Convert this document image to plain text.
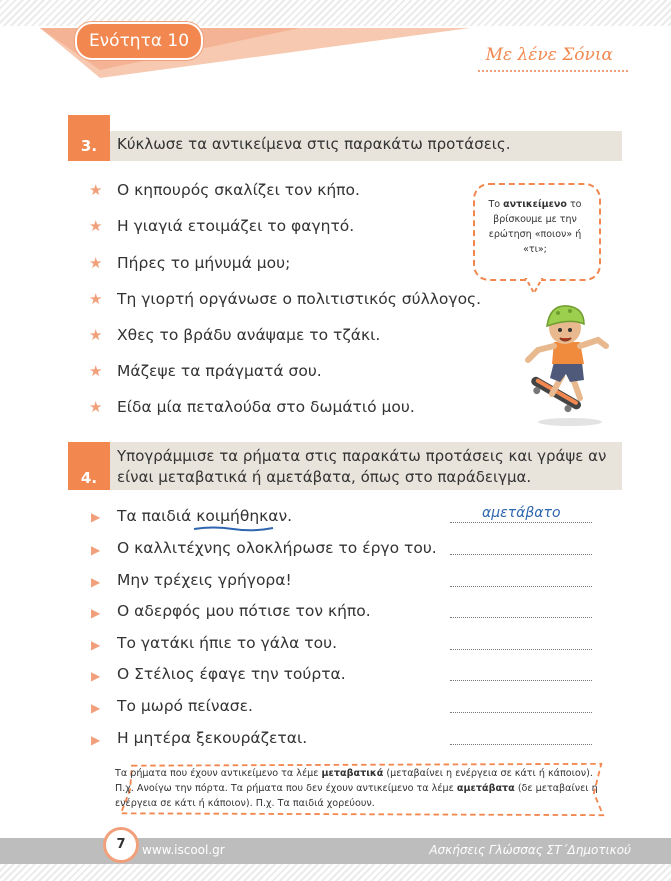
Ενότητα 10
Με λένε Σόνια
3.	Κύκλωσε τα αντικείμενα στις παρακάτω προτάσεις.
★ Ο κηπουρός σκαλίζει τον κήπο.
★ Η γιαγιά ετοιμάζει το φαγητό.
★ Πήρες το μήνυμά μου;
★ Τη γιορτή οργάνωσε ο πολιτιστικός σύλλογος.
★ Χθες το βράδυ ανάψαμε το τζάκι.
★ Μάζεψε τα πράγματά σου.
★ Είδα μία πεταλούδα στο δωμάτιό μου.
Το αντικείμενο το βρίσκουμε με την ερώτηση «ποιον» ή «τι»;
4.
Υπογράμμισε τα ρήματα στις παρακάτω προτάσεις και γράψε αν
είναι μεταβατικά ή αμετάβατα, όπως στο παράδειγμα.
▶ Τα παιδιά κοιμήθηκαν.	αμετάβατο
▶ Ο καλλιτέχνης ολοκλήρωσε το έργο του.
▶ Μην τρέχεις γρήγορα!
▶ Ο αδερφός μου πότισε τον κήπο.
▶ Το γατάκι ήπιε το γάλα του.
▶ Ο Στέλιος έφαγε την τούρτα.
▶ Το μωρό πείνασε.
▶ Η μητέρα ξεκουράζεται.
Τα ρήματα που έχουν αντικείμενο τα λέμε μεταβατικά (μεταβαίνει η ενέργεια σε κάτι ή κάποιον). Π.χ. Ανοίγω την πόρτα. Τα ρήματα που δεν έχουν αντικείμενο τα λέμε αμετάβατα (δε μεταβαίνει η ενέργεια σε κάτι ή κάποιον). Π.χ. Τα παιδιά χορεύουν.
7	www.iscool.gr	Ασκήσεις Γλώσσας ΣΤ΄Δημοτικού
